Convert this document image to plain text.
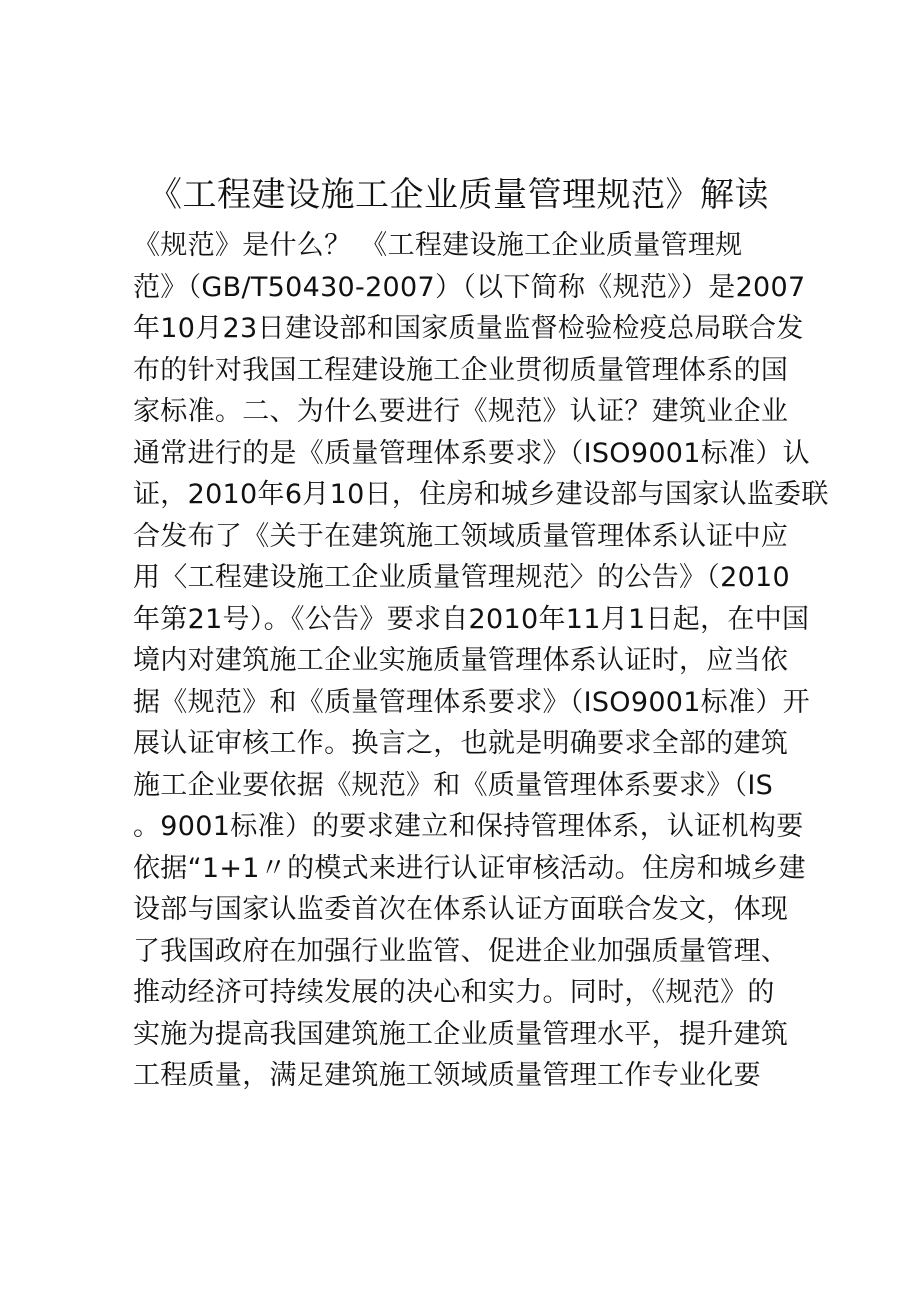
《工程建设施工企业质量管理规范》解读
《规范》是什么？ 《工程建设施工企业质量管理规
范》（GB/T50430-2007）（以下简称《规范》）是2007
年10月23日建设部和国家质量监督检验检疫总局联合发
布的针对我国工程建设施工企业贯彻质量管理体系的国
家标准。二、为什么要进行《规范》认证？建筑业企业
通常进行的是《质量管理体系要求》（ISO9001标准）认
证，2010年6月10日，住房和城乡建设部与国家认监委联
合发布了《关于在建筑施工领域质量管理体系认证中应
用〈工程建设施工企业质量管理规范〉的公告》（2010
年第21号）。《公告》要求自2010年11月1日起，在中国
境内对建筑施工企业实施质量管理体系认证时，应当依
据《规范》和《质量管理体系要求》（ISO9001标准）开
展认证审核工作。换言之，也就是明确要求全部的建筑
施工企业要依据《规范》和《质量管理体系要求》（IS
。9001标准）的要求建立和保持管理体系，认证机构要
依据“1+1〃的模式来进行认证审核活动。住房和城乡建
设部与国家认监委首次在体系认证方面联合发文，体现
了我国政府在加强行业监管、促进企业加强质量管理、
推动经济可持续发展的决心和实力。同时，《规范》的
实施为提高我国建筑施工企业质量管理水平，提升建筑
工程质量，满足建筑施工领域质量管理工作专业化要
